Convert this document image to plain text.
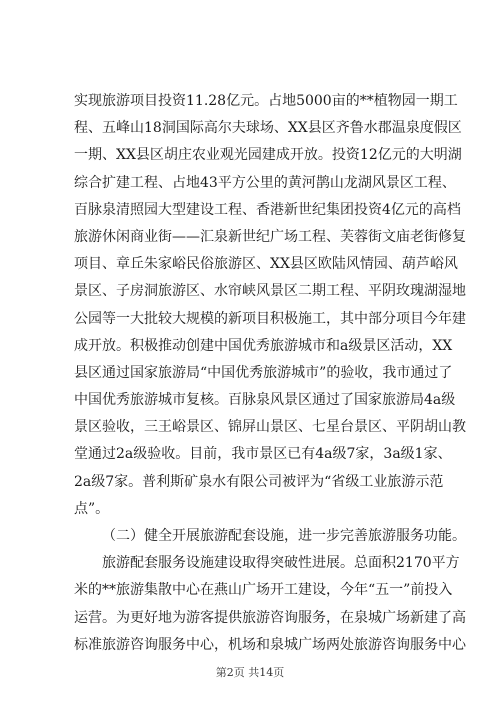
实现旅游项目投资11.28亿元。占地5000亩的**植物园一期工
程、五峰山18洞国际高尔夫球场、XX县区齐鲁水郡温泉度假区
一期、XX县区胡庄农业观光园建成开放。投资12亿元的大明湖
综合扩建工程、占地43平方公里的黄河鹊山龙湖风景区工程、
百脉泉清照园大型建设工程、香港新世纪集团投资4亿元的高档
旅游休闲商业街——汇泉新世纪广场工程、芙蓉街文庙老街修复
项目、章丘朱家峪民俗旅游区、XX县区欧陆风情园、葫芦峪风
景区、子房洞旅游区、水帘峡风景区二期工程、平阴玫瑰湖湿地
公园等一大批较大规模的新项目积极施工，其中部分项目今年建
成开放。积极推动创建中国优秀旅游城市和a级景区活动，XX
县区通过国家旅游局“中国优秀旅游城市”的验收，我市通过了
中国优秀旅游城市复核。百脉泉风景区通过了国家旅游局4a级
景区验收，三王峪景区、锦屏山景区、七星台景区、平阴胡山教
堂通过2a级验收。目前，我市景区已有4a级7家，3a级1家、
2a级7家。普利斯矿泉水有限公司被评为“省级工业旅游示范
点”。
（二）健全开展旅游配套设施，进一步完善旅游服务功能。
旅游配套服务设施建设取得突破性进展。总面积2170平方
米的**旅游集散中心在燕山广场开工建设，今年“五一”前投入
运营。为更好地为游客提供旅游咨询服务，在泉城广场新建了高
标准旅游咨询服务中心，机场和泉城广场两处旅游咨询服务中心
第2页 共14页
